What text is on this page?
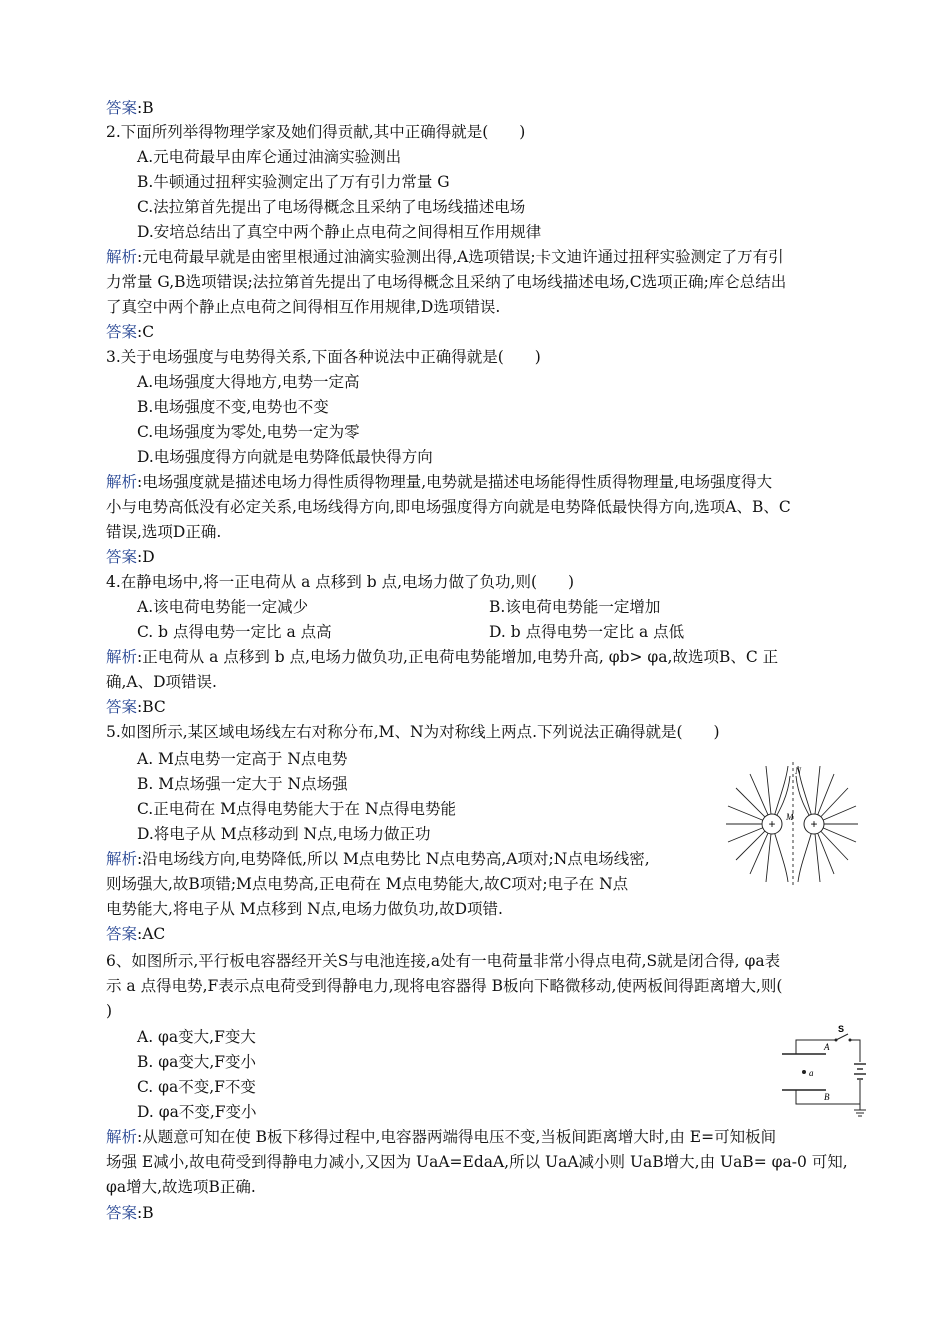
答案:B
2.下面所列举得物理学家及她们得贡献,其中正确得就是(　　)
A.元电荷最早由库仑通过油滴实验测出
B.牛顿通过扭秤实验测定出了万有引力常量 G
C.法拉第首先提出了电场得概念且采纳了电场线描述电场
D.安培总结出了真空中两个静止点电荷之间得相互作用规律
解析:元电荷最早就是由密里根通过油滴实验测出得,A选项错误;卡文迪许通过扭秤实验测定了万有引
力常量 G,B选项错误;法拉第首先提出了电场得概念且采纳了电场线描述电场,C选项正确;库仑总结出
了真空中两个静止点电荷之间得相互作用规律,D选项错误.
答案:C
3.关于电场强度与电势得关系,下面各种说法中正确得就是(　　)
A.电场强度大得地方,电势一定高
B.电场强度不变,电势也不变
C.电场强度为零处,电势一定为零
D.电场强度得方向就是电势降低最快得方向
解析:电场强度就是描述电场力得性质得物理量,电势就是描述电场能得性质得物理量,电场强度得大
小与电势高低没有必定关系,电场线得方向,即电场强度得方向就是电势降低最快得方向,选项A、B、C
错误,选项D正确.
答案:D
4.在静电场中,将一正电荷从 a 点移到 b 点,电场力做了负功,则(　　)
A.该电荷电势能一定减少	B.该电荷电势能一定增加
C. b 点得电势一定比 a 点高	D. b 点得电势一定比 a 点低
解析:正电荷从 a 点移到 b 点,电场力做负功,正电荷电势能增加,电势升高, φb> φa,故选项B、C 正
确,A、D项错误.
答案:BC
5.如图所示,某区域电场线左右对称分布,M、N为对称线上两点.下列说法正确得就是(　　)
A. M点电势一定高于 N点电势
B. M点场强一定大于 N点场强
C.正电荷在 M点得电势能大于在 N点得电势能
D.将电子从 M点移动到 N点,电场力做正功
解析:沿电场线方向,电势降低,所以 M点电势比 N点电势高,A项对;N点电场线密,
则场强大,故B项错;M点电势高,正电荷在 M点电势能大,故C项对;电子在 N点
电势能大,将电子从 M点移到 N点,电场力做负功,故D项错.
答案:AC
+	+
N
M
6、如图所示,平行板电容器经开关S与电池连接,a处有一电荷量非常小得点电荷,S就是闭合得, φa表
示 a 点得电势,F表示点电荷受到得静电力,现将电容器得 B板向下略微移动,使两板间得距离增大,则(
)
A. φa变大,F变大
B. φa变大,F变小
C. φa不变,F不变
D. φa不变,F变小
解析:从题意可知在使 B板下移得过程中,电容器两端得电压不变,当板间距离增大时,由 E=可知板间
场强 E减小,故电荷受到得静电力减小,又因为 UaA=EdaA,所以 UaA减小则 UaB增大,由 UaB= φa-0 可知,
φa增大,故选项B正确.
答案:B
S
A
B
a
